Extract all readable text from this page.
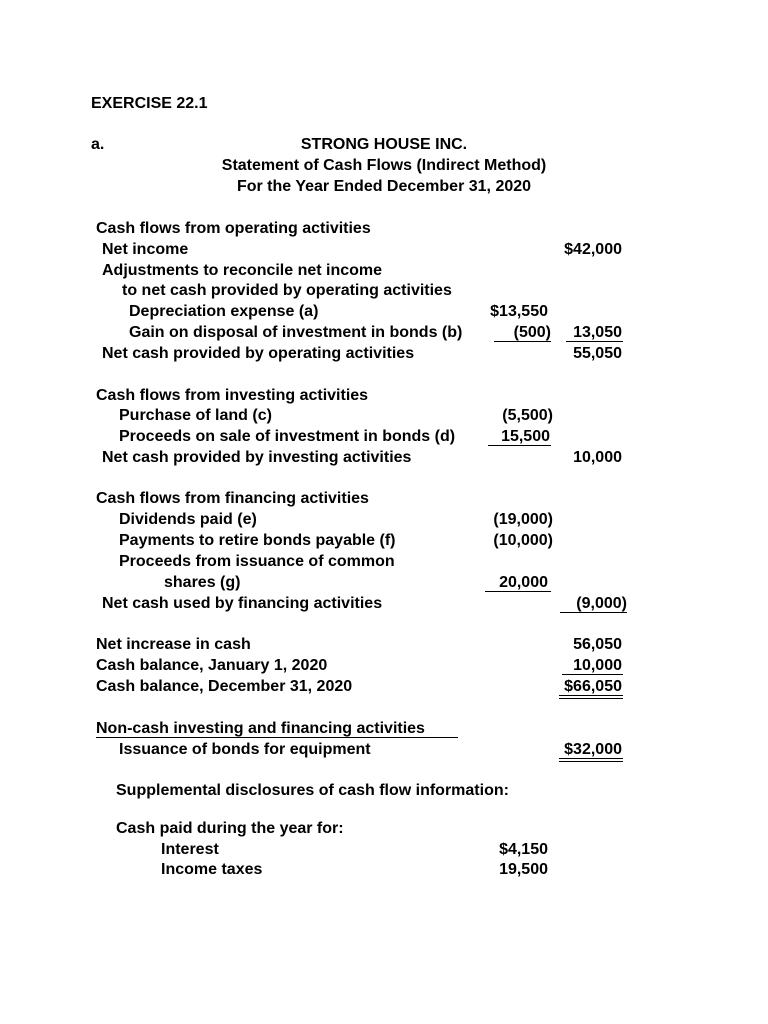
EXERCISE 22.1
a.	STRONG HOUSE INC.
Statement of Cash Flows (Indirect Method)
For the Year Ended December 31, 2020
Cash flows from operating activities
Net income	$42,000
Adjustments to reconcile net income
to net cash provided by operating activities
Depreciation expense (a)	$13,550
Gain on disposal of investment in bonds (b)	(500) 13,050
Net cash provided by operating activities	55,050
Cash flows from investing activities
Purchase of land (c)	(5,500)
Proceeds on sale of investment in bonds (d)	15,500
Net cash provided by investing activities	10,000
Cash flows from financing activities
Dividends paid (e)	(19,000)
Payments to retire bonds payable (f)	(10,000)
Proceeds from issuance of common
shares (g)	20,000
Net cash used by financing activities	(9,000)
Net increase in cash	56,050
Cash balance, January 1, 2020	10,000
Cash balance, December 31, 2020	$66,050
Non-cash investing and financing activities
Issuance of bonds for equipment	$32,000
Supplemental disclosures of cash flow information:
Cash paid during the year for:
Interest	$4,150
Income taxes	19,500
